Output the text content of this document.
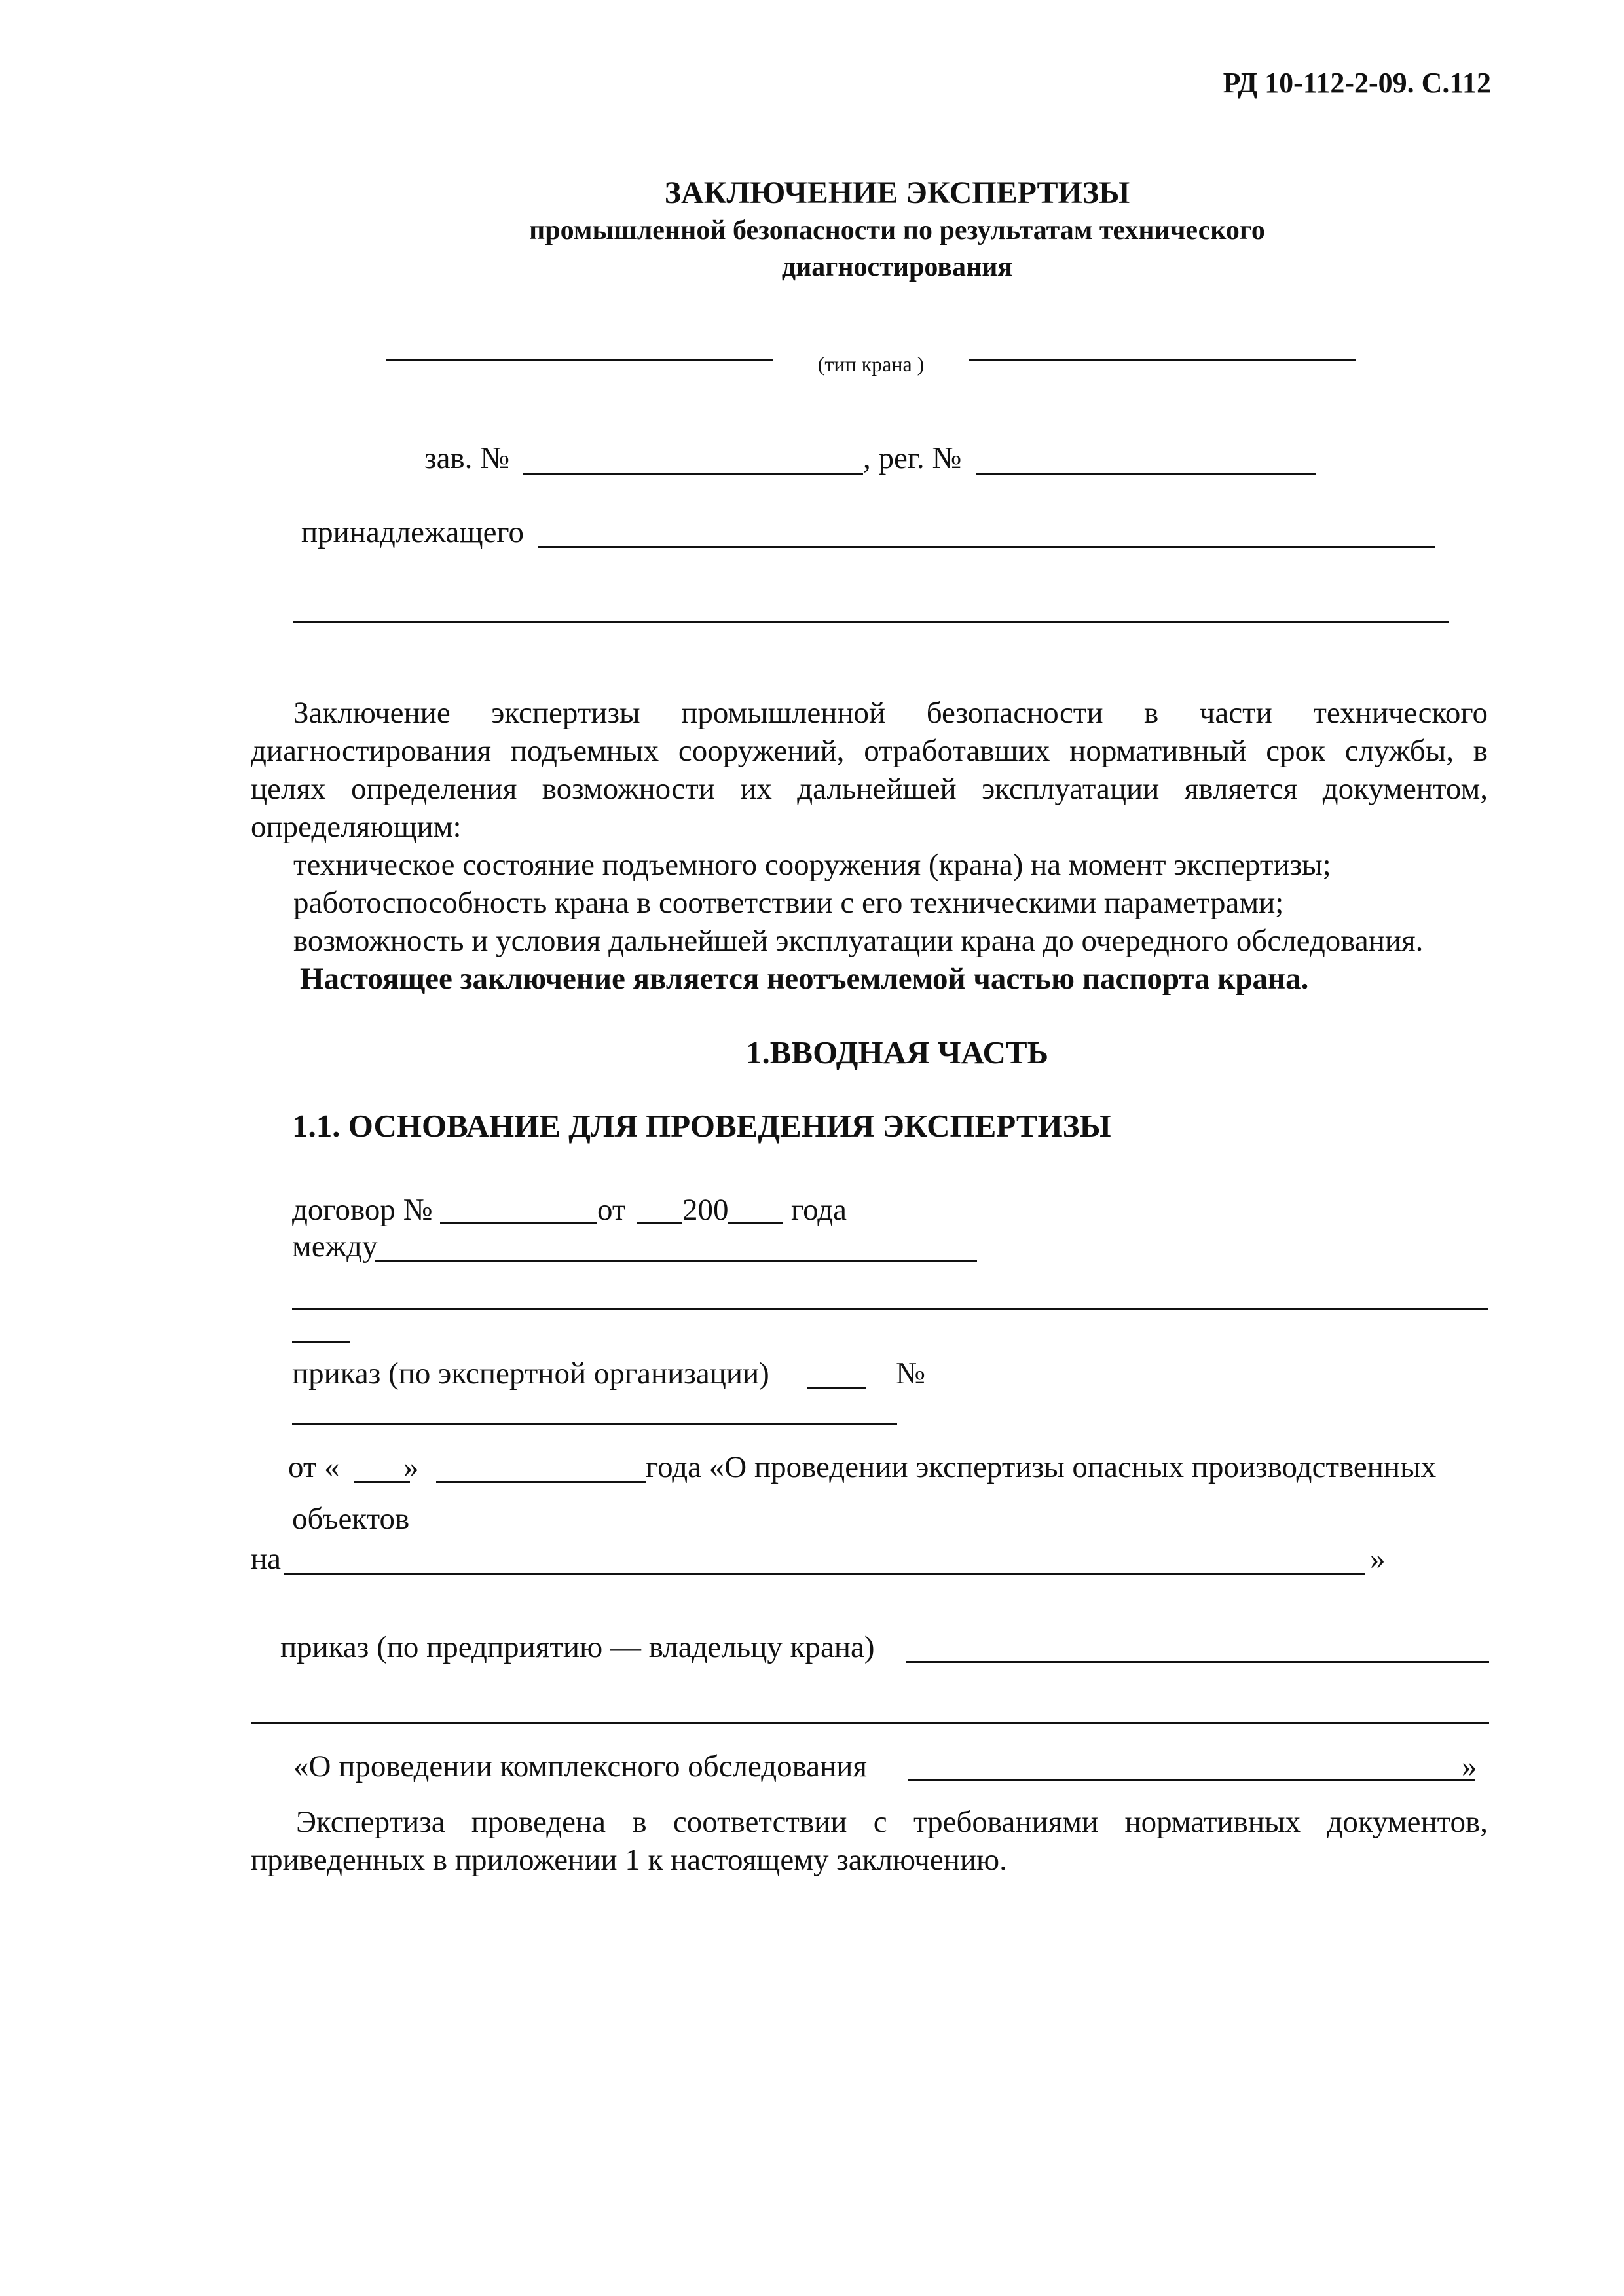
РД 10-112-2-09. С.112
ЗАКЛЮЧЕНИЕ ЭКСПЕРТИЗЫ
промышленной безопасности по результатам технического
диагностирования
(тип крана )
зав. №	, рег. №
принадлежащего
Заключение экспертизы промышленной безопасности в части технического
диагностирования подъемных сооружений, отработавших нормативный срок службы, в
целях определения возможности их дальнейшей эксплуатации является документом,
определяющим:
техническое состояние подъемного сооружения (крана) на момент экспертизы;
работоспособность крана в соответствии с его техническими параметрами;
возможность и условия дальнейшей эксплуатации крана до очередного обследования.
Настоящее заключение является неотъемлемой частью паспорта крана.
1.ВВОДНАЯ ЧАСТЬ
1.1. ОСНОВАНИЕ ДЛЯ ПРОВЕДЕНИЯ ЭКСПЕРТИЗЫ
договор №	от 200 года
между
приказ (по экспертной организации)	№
от « »	года «О проведении экспертизы опасных производственных
объектов
на	»
приказ (по предприятию — владельцу крана)
«О проведении комплексного обследования	»
Экспертиза проведена в соответствии с требованиями нормативных документов,
приведенных в приложении 1 к настоящему заключению.
